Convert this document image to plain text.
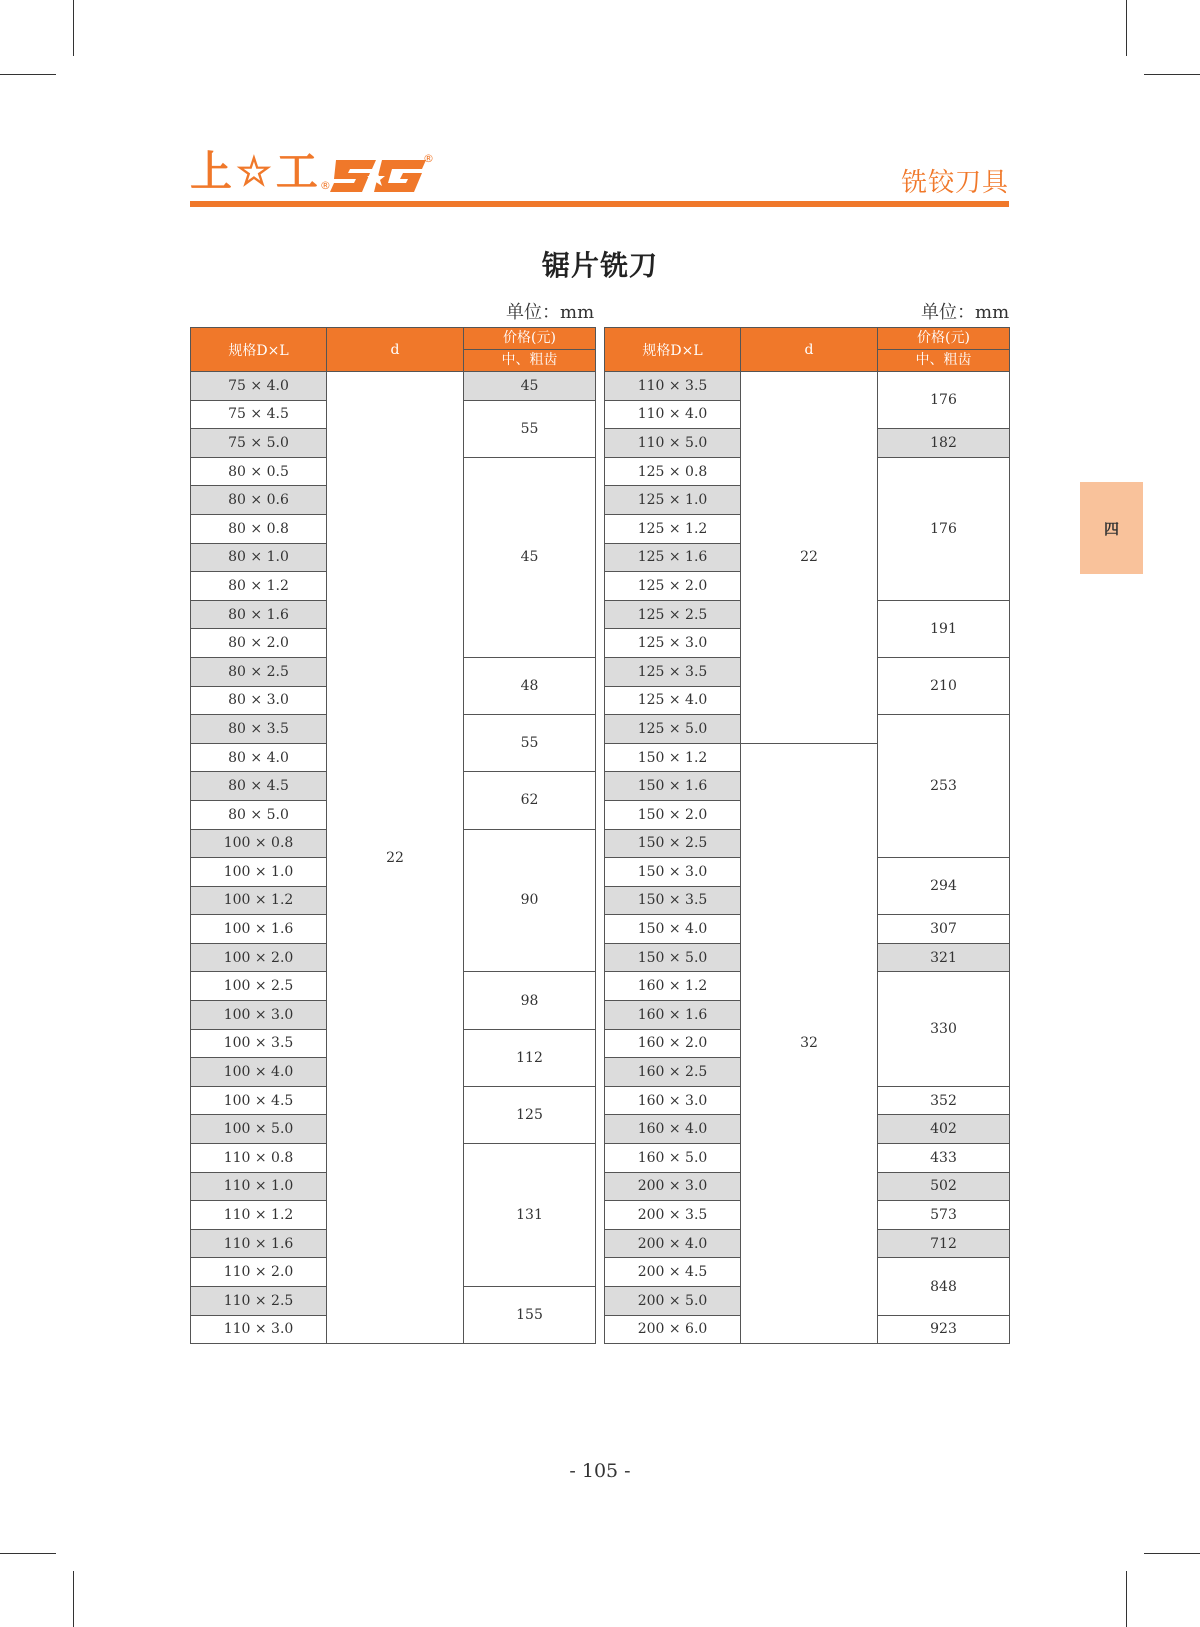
上 ☆ 工 ®
®
铣铰刀具
锯片铣刀
单位：mm	单位：mm
四
规格D×L	d	价格(元)
		中、粗齿
75 × 4.0	22	45
75 × 4.5		55
75 × 5.0		
80 × 0.5		45
80 × 0.6		
80 × 0.8		
80 × 1.0		
80 × 1.2		
80 × 1.6		
80 × 2.0		
80 × 2.5		48
80 × 3.0		
80 × 3.5		55
80 × 4.0		
80 × 4.5		62
80 × 5.0		
100 × 0.8		90
100 × 1.0		
100 × 1.2		
100 × 1.6		
100 × 2.0		
100 × 2.5		98
100 × 3.0		
100 × 3.5		112
100 × 4.0		
100 × 4.5		125
100 × 5.0		
110 × 0.8		131
110 × 1.0		
110 × 1.2		
110 × 1.6		
110 × 2.0		
110 × 2.5		155
110 × 3.0		
规格D×L	d	价格(元)
		中、粗齿
110 × 3.5	22	176
110 × 4.0		
110 × 5.0		182
125 × 0.8		176
125 × 1.0		
125 × 1.2		
125 × 1.6		
125 × 2.0		
125 × 2.5		191
125 × 3.0		
125 × 3.5		210
125 × 4.0		
125 × 5.0		253
150 × 1.2	32	
150 × 1.6		
150 × 2.0		
150 × 2.5		
150 × 3.0		294
150 × 3.5		
150 × 4.0		307
150 × 5.0		321
160 × 1.2		330
160 × 1.6		
160 × 2.0		
160 × 2.5		
160 × 3.0		352
160 × 4.0		402
160 × 5.0		433
200 × 3.0		502
200 × 3.5		573
200 × 4.0		712
200 × 4.5		848
200 × 5.0		
200 × 6.0		923
- 105 -
